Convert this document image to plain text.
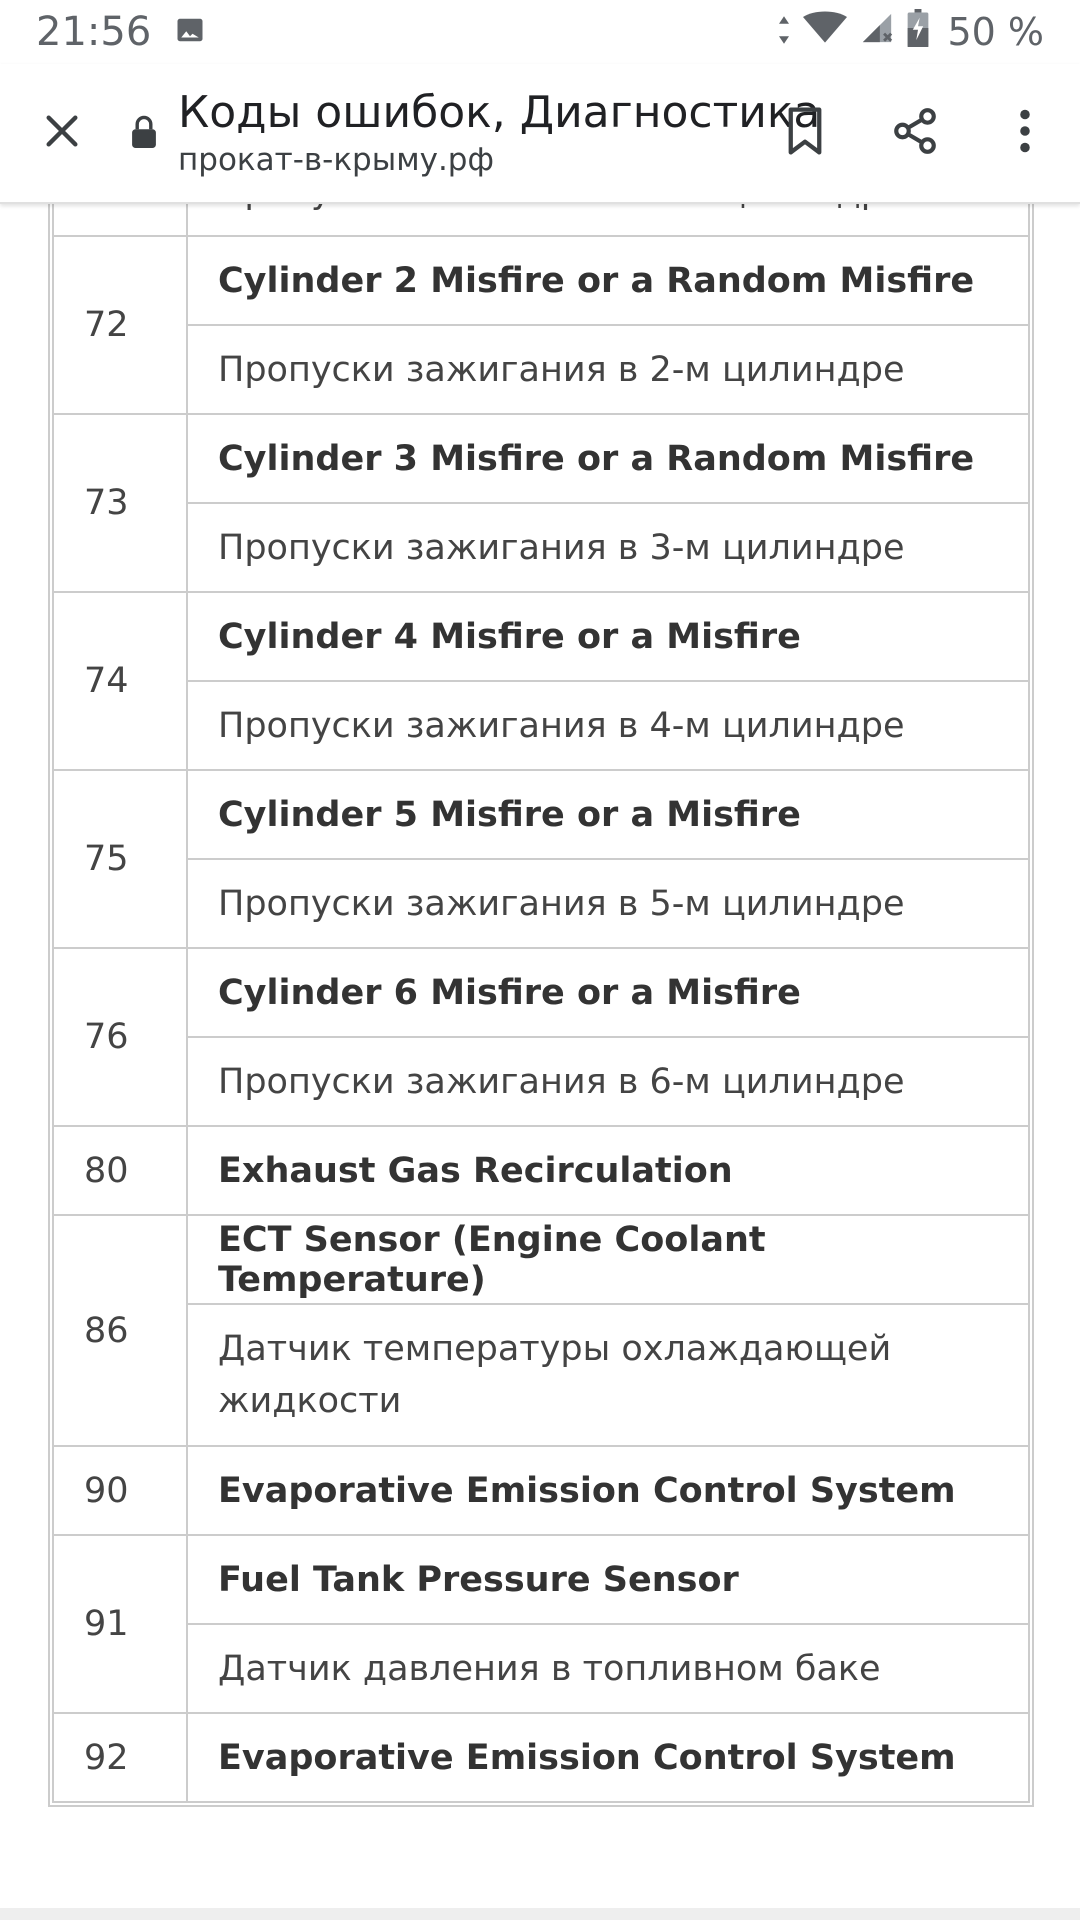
21:56	50 %
Коды ошибок, Диагностика
прокат-в-крыму.рф

72	Cylinder 2 Misfire or a Random Misfire
	Пропуски зажигания в 2-м цилиндре
73	Cylinder 3 Misfire or a Random Misfire
	Пропуски зажигания в 3-м цилиндре
74	Cylinder 4 Misfire or a Misfire
	Пропуски зажигания в 4-м цилиндре
75	Cylinder 5 Misfire or a Misfire
	Пропуски зажигания в 5-м цилиндре
76	Cylinder 6 Misfire or a Misfire
	Пропуски зажигания в 6-м цилиндре
80	Exhaust Gas Recirculation
86	ECT Sensor (Engine Coolant Temperature)
	Датчик температуры охлаждающей жидкости
90	Evaporative Emission Control System
91	Fuel Tank Pressure Sensor
	Датчик давления в топливном баке
92	Evaporative Emission Control System
